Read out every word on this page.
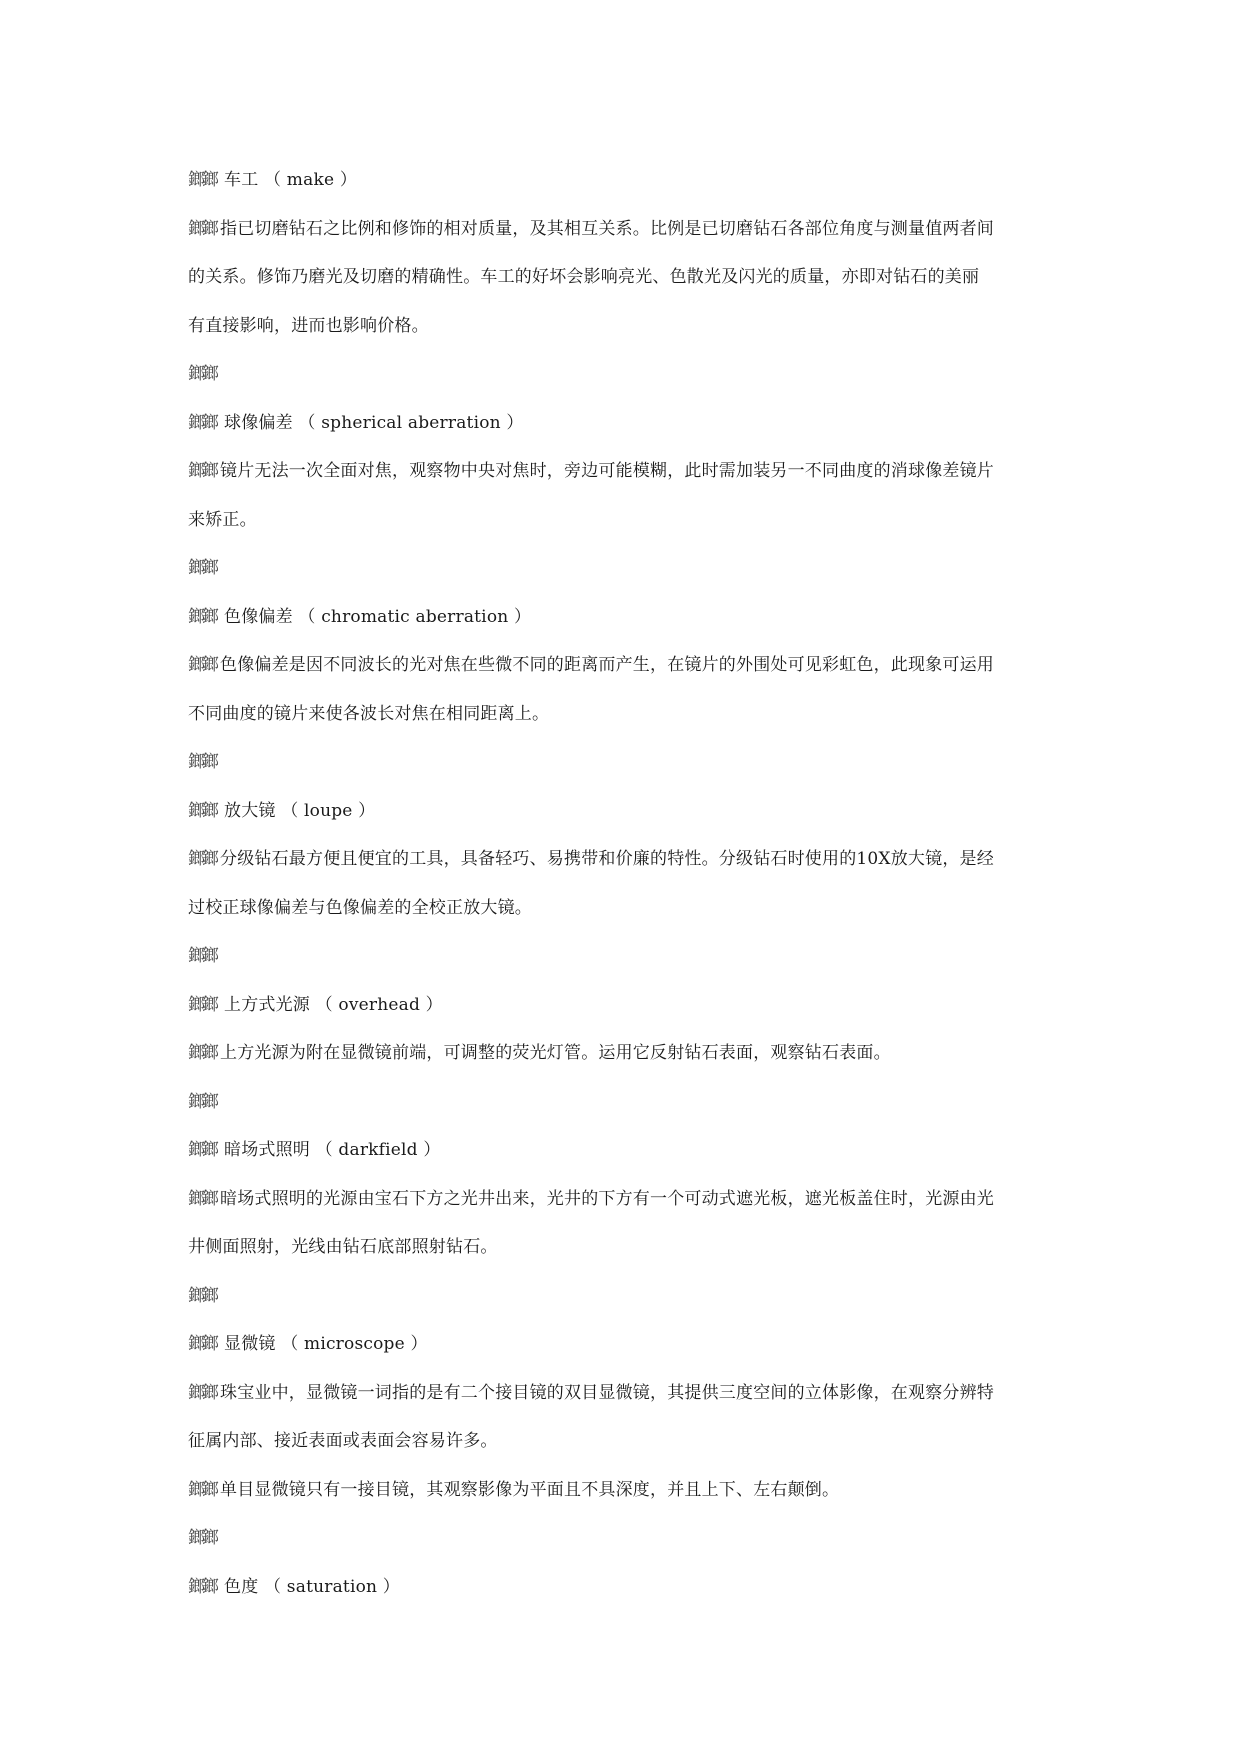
鎯鎯 车工 （ make ）
鎯鎯 指已切磨钻石之比例和修饰的相对质量，及其相互关系。比例是已切磨钻石各部位角度与测量值两者间
的关系。修饰乃磨光及切磨的精确性。车工的好坏会影响亮光、色散光及闪光的质量，亦即对钻石的美丽
有直接影响，进而也影响价格。
鎯鎯
鎯鎯 球像偏差 （ spherical aberration ）
鎯鎯 镜片无法一次全面对焦，观察物中央对焦时，旁边可能模糊，此时需加装另一不同曲度的消球像差镜片
来矫正。
鎯鎯
鎯鎯 色像偏差 （ chromatic aberration ）
鎯鎯 色像偏差是因不同波长的光对焦在些微不同的距离而产生，在镜片的外围处可见彩虹色，此现象可运用
不同曲度的镜片来使各波长对焦在相同距离上。
鎯鎯
鎯鎯 放大镜 （ loupe ）
鎯鎯 分级钻石最方便且便宜的工具，具备轻巧、易携带和价廉的特性。分级钻石时使用的10X放大镜，是经
过校正球像偏差与色像偏差的全校正放大镜。
鎯鎯
鎯鎯 上方式光源 （ overhead ）
鎯鎯 上方光源为附在显微镜前端，可调整的荧光灯管。运用它反射钻石表面，观察钻石表面。
鎯鎯
鎯鎯 暗场式照明 （ darkfield ）
鎯鎯 暗场式照明的光源由宝石下方之光井出来，光井的下方有一个可动式遮光板，遮光板盖住时，光源由光
井侧面照射，光线由钻石底部照射钻石。
鎯鎯
鎯鎯 显微镜 （ microscope ）
鎯鎯 珠宝业中，显微镜一词指的是有二个接目镜的双目显微镜，其提供三度空间的立体影像，在观察分辨特
征属内部、接近表面或表面会容易许多。
鎯鎯 单目显微镜只有一接目镜，其观察影像为平面且不具深度，并且上下、左右颠倒。
鎯鎯
鎯鎯 色度 （ saturation ）
